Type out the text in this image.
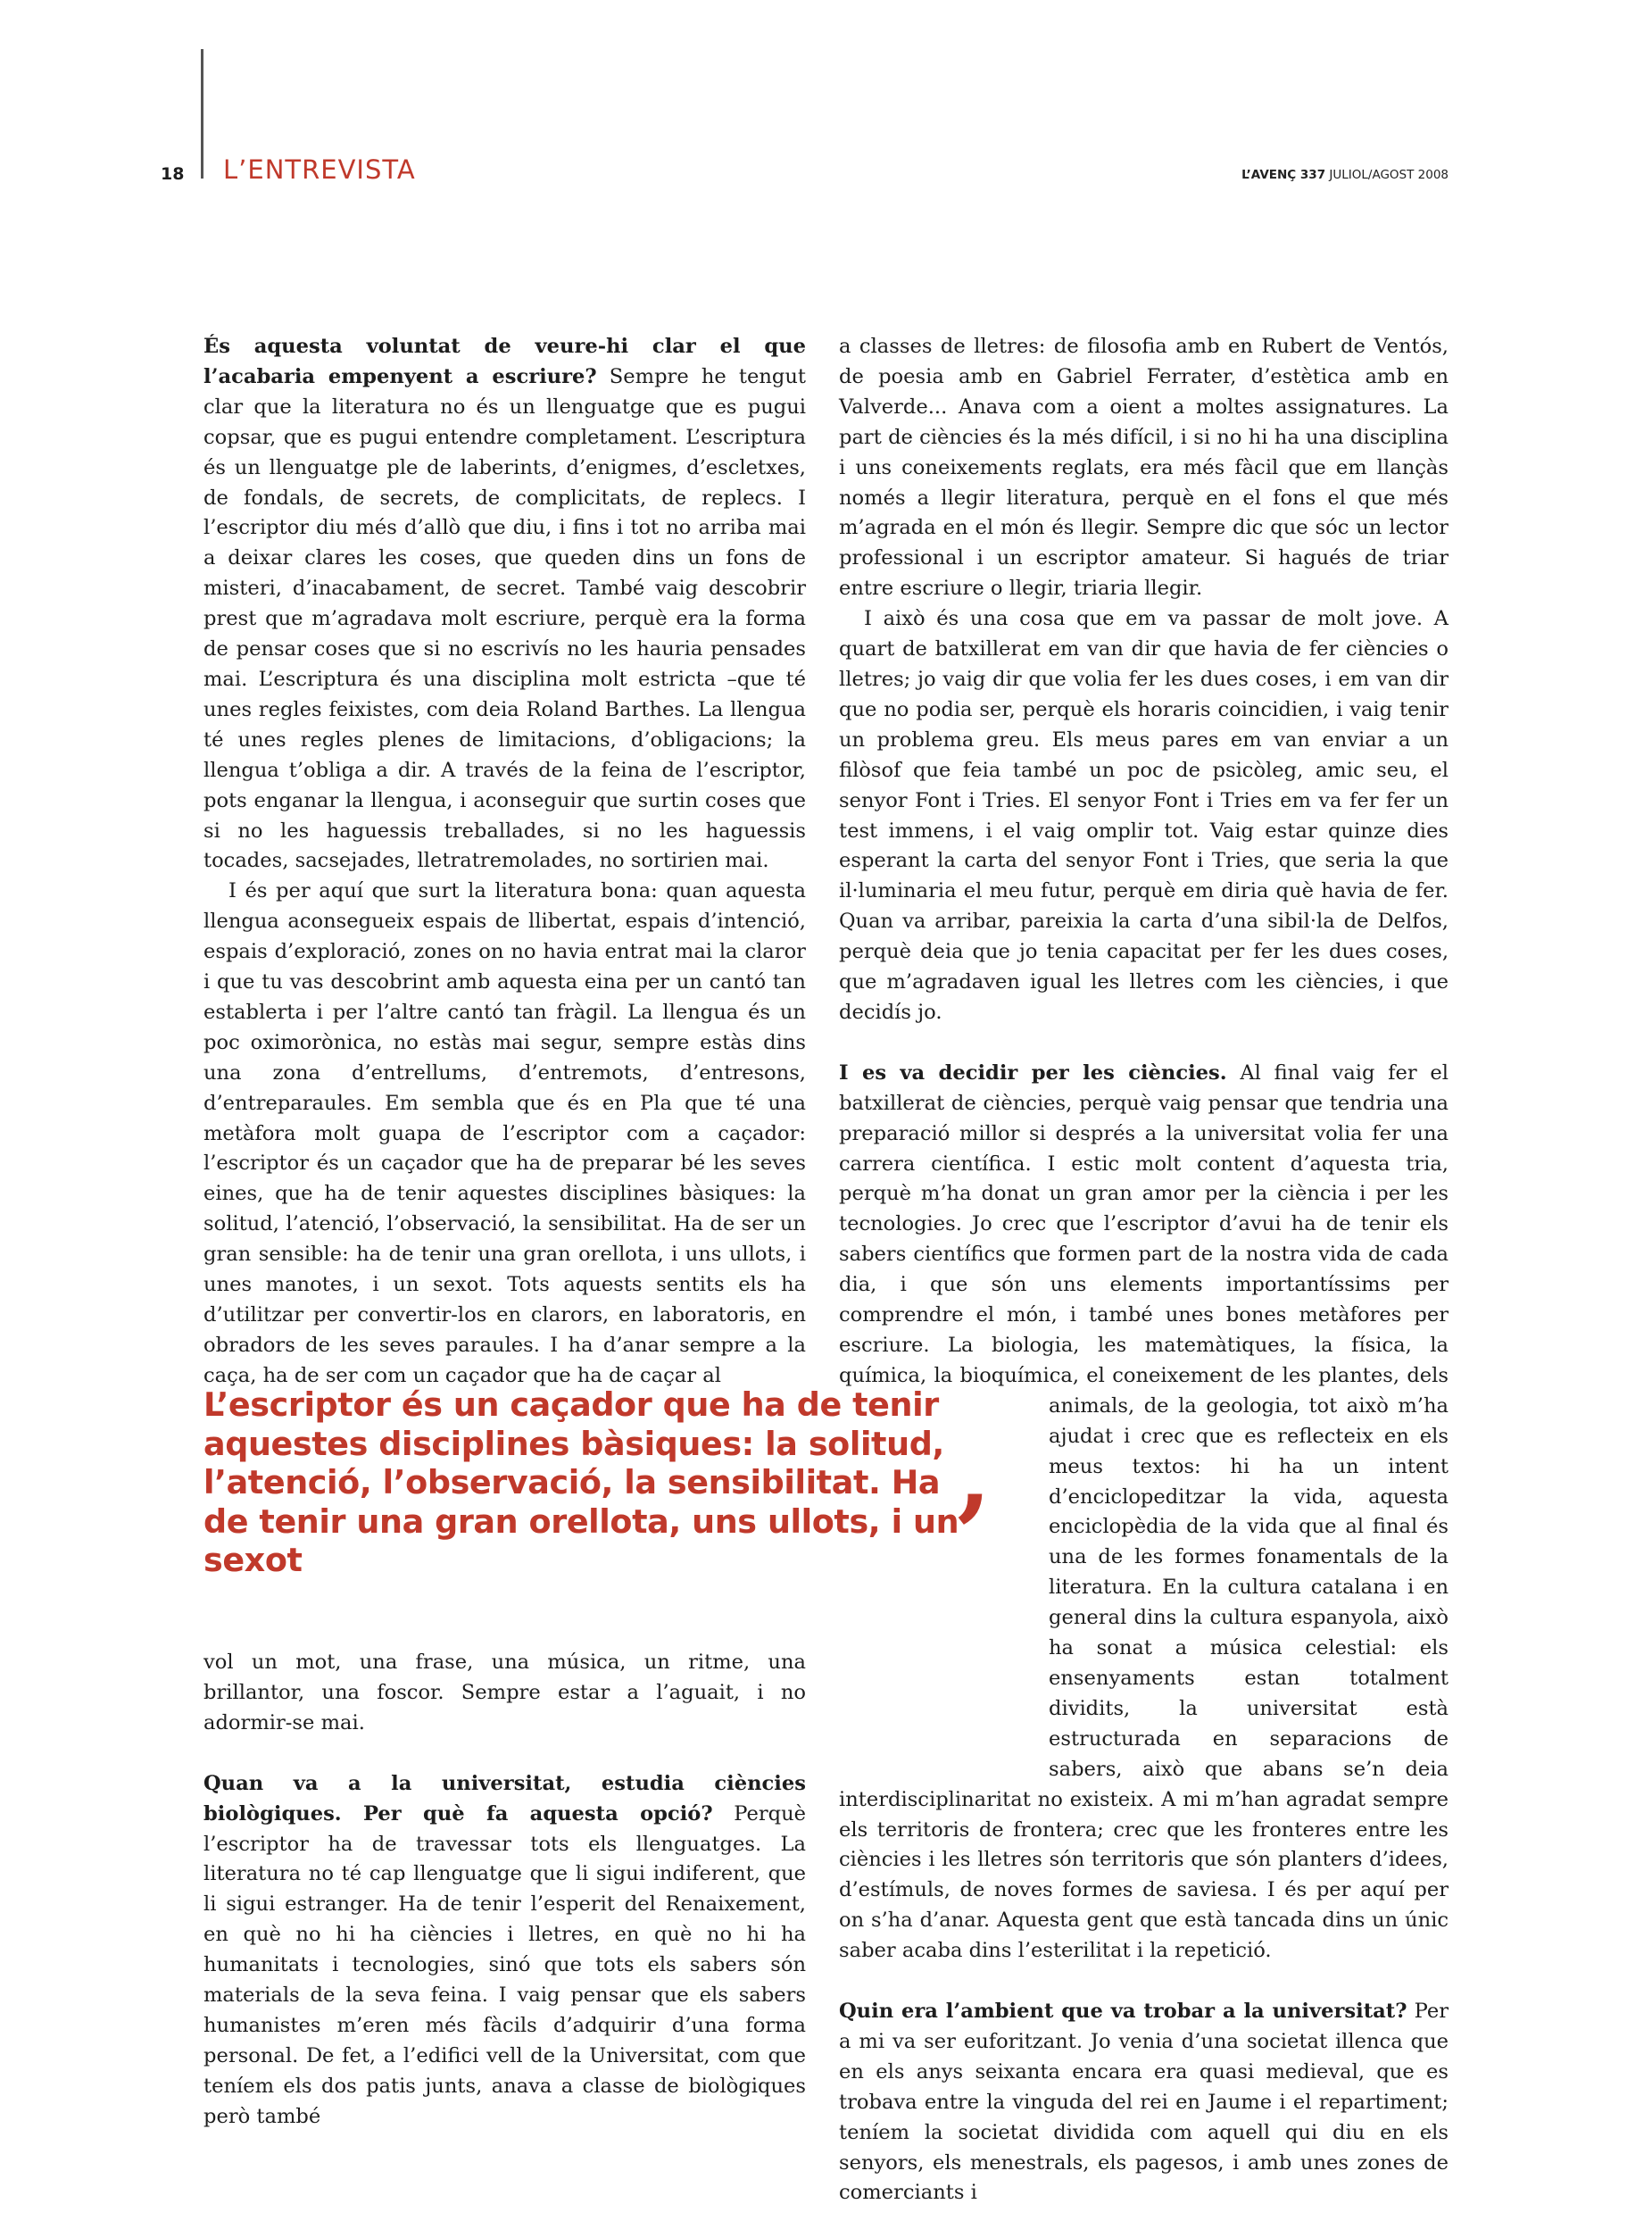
18 L’ENTREVISTA	L’AVENÇ 337 JULIOL/AGOST 2008

És aquesta voluntat de veure-hi clar el que l’acabaria empenyent a escriure? Sempre he tengut clar que la literatura no és un llenguatge que es pugui copsar, que es pugui entendre completament. L’escriptura és un llenguatge ple de laberints, d’enigmes, d’escletxes, de fondals, de secrets, de complicitats, de replecs. I l’escriptor diu més d’allò que diu, i fins i tot no arriba mai a deixar clares les coses, que queden dins un fons de misteri, d’inacabament, de secret. També vaig descobrir prest que m’agradava molt escriure, perquè era la forma de pensar coses que si no escrivís no les hauria pensades mai. L’escriptura és una disciplina molt estricta –que té unes regles feixistes, com deia Roland Barthes. La llengua té unes regles plenes de limitacions, d’obligacions; la llengua t’obliga a dir. A través de la feina de l’escriptor, pots enganar la llengua, i aconseguir que surtin coses que si no les haguessis treballades, si no les haguessis tocades, sacsejades, lletratremolades, no sortirien mai.

I és per aquí que surt la literatura bona: quan aquesta llengua aconsegueix espais de llibertat, espais d’intenció, espais d’exploració, zones on no havia entrat mai la claror i que tu vas descobrint amb aquesta eina per un cantó tan establerta i per l’altre cantó tan fràgil. La llengua és un poc oximorònica, no estàs mai segur, sempre estàs dins una zona d’entrellums, d’entremots, d’entresons, d’entreparaules. Em sembla que és en Pla que té una metàfora molt guapa de l’escriptor com a caçador: l’escriptor és un caçador que ha de preparar bé les seves eines, que ha de tenir aquestes disciplines bàsiques: la solitud, l’atenció, l’observació, la sensibilitat. Ha de ser un gran sensible: ha de tenir una gran orellota, i uns ullots, i unes manotes, i un sexot. Tots aquests sentits els ha d’utilitzar per convertir-los en clarors, en laboratoris, en obradors de les seves paraules. I ha d’anar sempre a la caça, ha de ser com un caçador que ha de caçar al

L’escriptor és un caçador que ha de tenir aquestes disciplines bàsiques: la solitud, l’atenció, l’observació, la sensibilitat. Ha de tenir una gran orellota, uns ullots, i un sexot	’

vol un mot, una frase, una música, un ritme, una brillantor, una foscor. Sempre estar a l’aguait, i no adormir-se mai.

Quan va a la universitat, estudia ciències biològiques. Per què fa aquesta opció? Perquè l’escriptor ha de travessar tots els llenguatges. La literatura no té cap llenguatge que li sigui indiferent, que li sigui estranger. Ha de tenir l’esperit del Renaixement, en què no hi ha ciències i lletres, en què no hi ha humanitats i tecnologies, sinó que tots els sabers són materials de la seva feina. I vaig pensar que els sabers humanistes m’eren més fàcils d’adquirir d’una forma personal. De fet, a l’edifici vell de la Universitat, com que teníem els dos patis junts, anava a classe de biològiques però també

a classes de lletres: de filosofia amb en Rubert de Ventós, de poesia amb en Gabriel Ferrater, d’estètica amb en Valverde... Anava com a oient a moltes assignatures. La part de ciències és la més difícil, i si no hi ha una disciplina i uns coneixements reglats, era més fàcil que em llançàs només a llegir literatura, perquè en el fons el que més m’agrada en el món és llegir. Sempre dic que sóc un lector professional i un escriptor amateur. Si hagués de triar entre escriure o llegir, triaria llegir.

I això és una cosa que em va passar de molt jove. A quart de batxillerat em van dir que havia de fer ciències o lletres; jo vaig dir que volia fer les dues coses, i em van dir que no podia ser, perquè els horaris coincidien, i vaig tenir un problema greu. Els meus pares em van enviar a un filòsof que feia també un poc de psicòleg, amic seu, el senyor Font i Tries. El senyor Font i Tries em va fer fer un test immens, i el vaig omplir tot. Vaig estar quinze dies esperant la carta del senyor Font i Tries, que seria la que il·luminaria el meu futur, perquè em diria què havia de fer. Quan va arribar, pareixia la carta d’una sibil·la de Delfos, perquè deia que jo tenia capacitat per fer les dues coses, que m’agradaven igual les lletres com les ciències, i que decidís jo.

I es va decidir per les ciències. Al final vaig fer el batxillerat de ciències, perquè vaig pensar que tendria una preparació millor si després a la universitat volia fer una carrera científica. I estic molt content d’aquesta tria, perquè m’ha donat un gran amor per la ciència i per les tecnologies. Jo crec que l’escriptor d’avui ha de tenir els sabers científics que formen part de la nostra vida de cada dia, i que són uns elements importantíssims per comprendre el món, i també unes bones metàfores per escriure. La biologia, les matemàtiques, la física, la química, la bioquímica, el coneixement de les plantes, dels animals, de la geologia, tot això
m’ha ajudat i crec que es reflecteix en els meus textos: hi ha un intent d’enciclopeditzar la vida, aquesta enciclopèdia de la vida que al final és una de les formes fonamentals de la literatura. En la cultura catalana i en general dins la cultura espanyola, això ha sonat a música celestial: els ensenyaments estan totalment dividits, la universitat està estructurada en separacions de sabers, això que abans se’n deia interdisciplinaritat no existeix. A mi m’han agradat sempre els territoris de frontera; crec que les fronteres entre les ciències i les lletres són territoris que són planters d’idees, d’estímuls, de noves formes de saviesa. I és per aquí per on s’ha d’anar. Aquesta gent que està tancada dins un únic saber acaba dins l’esterilitat i la repetició.

Quin era l’ambient que va trobar a la universitat? Per a mi va ser euforitzant. Jo venia d’una societat illenca que en els anys seixanta encara era quasi medieval, que es trobava entre la vinguda del rei en Jaume i el repartiment; teníem la societat dividida com aquell qui diu en els senyors, els menestrals, els pagesos, i amb unes zones de comerciants i
